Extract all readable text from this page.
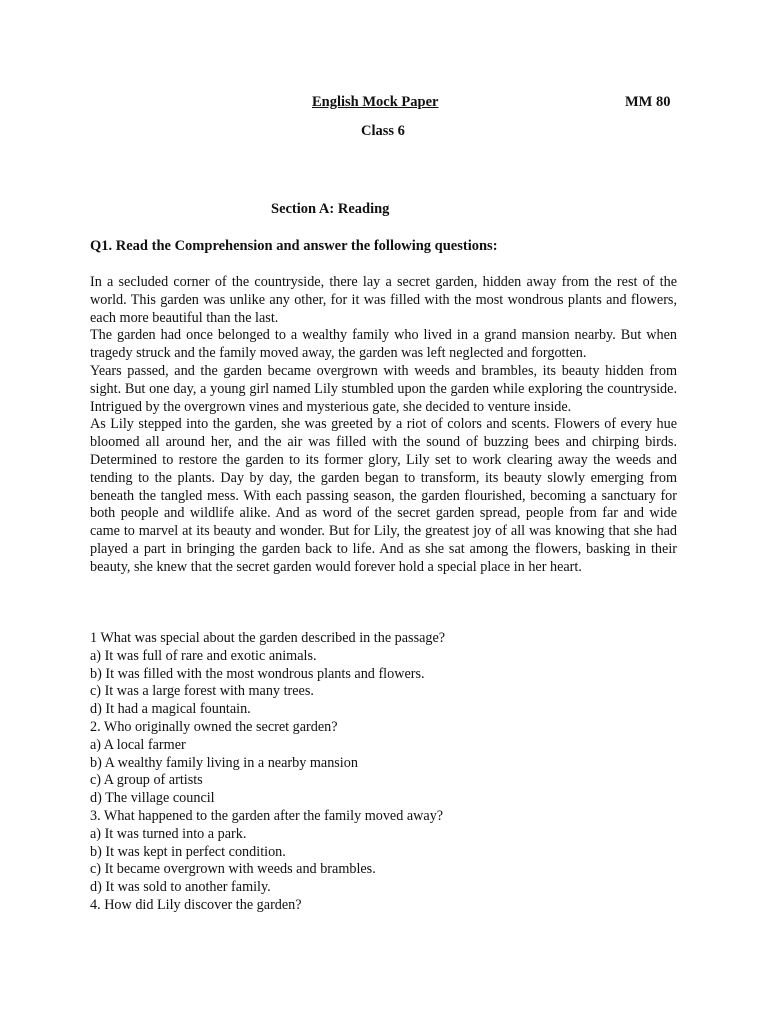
English Mock Paper	MM 80
Class 6
Section A: Reading
Q1. Read the Comprehension and answer the following questions:

In a secluded corner of the countryside, there lay a secret garden, hidden away from the rest of the world. This garden was unlike any other, for it was filled with the most wondrous plants and flowers, each more beautiful than the last.

The garden had once belonged to a wealthy family who lived in a grand mansion nearby. But when tragedy struck and the family moved away, the garden was left neglected and forgotten.

Years passed, and the garden became overgrown with weeds and brambles, its beauty hidden from sight. But one day, a young girl named Lily stumbled upon the garden while exploring the countryside. Intrigued by the overgrown vines and mysterious gate, she decided to venture inside.

As Lily stepped into the garden, she was greeted by a riot of colors and scents. Flowers of every hue bloomed all around her, and the air was filled with the sound of buzzing bees and chirping birds. Determined to restore the garden to its former glory, Lily set to work clearing away the weeds and tending to the plants. Day by day, the garden began to transform, its beauty slowly emerging from beneath the tangled mess. With each passing season, the garden flourished, becoming a sanctuary for both people and wildlife alike. And as word of the secret garden spread, people from far and wide came to marvel at its beauty and wonder. But for Lily, the greatest joy of all was knowing that she had played a part in bringing the garden back to life. And as she sat among the flowers, basking in their beauty, she knew that the secret garden would forever hold a special place in her heart.

1 What was special about the garden described in the passage?
a) It was full of rare and exotic animals.
b) It was filled with the most wondrous plants and flowers.
c) It was a large forest with many trees.
d) It had a magical fountain.
2. Who originally owned the secret garden?
a) A local farmer
b) A wealthy family living in a nearby mansion
c) A group of artists
d) The village council
3. What happened to the garden after the family moved away?
a) It was turned into a park.
b) It was kept in perfect condition.
c) It became overgrown with weeds and brambles.
d) It was sold to another family.
4. How did Lily discover the garden?
